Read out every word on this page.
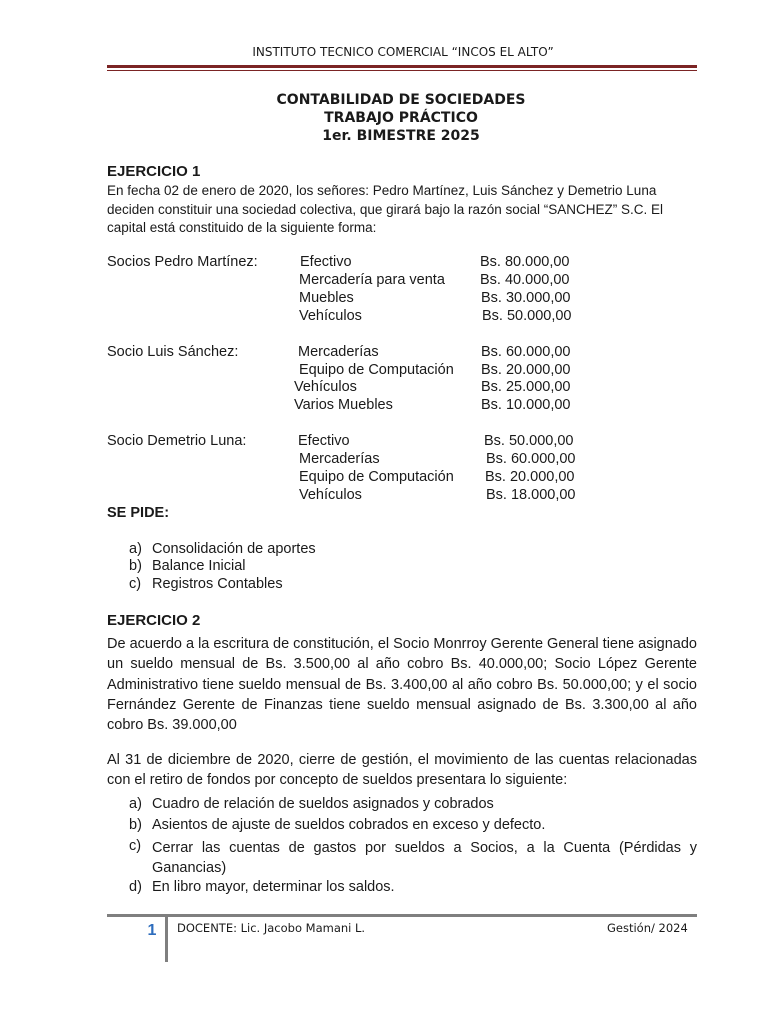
INSTITUTO TECNICO COMERCIAL “INCOS EL ALTO”
CONTABILIDAD DE SOCIEDADES
TRABAJO PRÁCTICO
1er. BIMESTRE 2025
EJERCICIO 1
En fecha 02 de enero de 2020, los señores: Pedro Martínez, Luis Sánchez y Demetrio Luna deciden constituir una sociedad colectiva, que girará bajo la razón social “SANCHEZ” S.C. El capital está constituido de la siguiente forma:
Socios Pedro Martínez:	Efectivo	Bs. 80.000,00
Mercadería para venta Bs. 40.000,00
Muebles	Bs. 30.000,00
Vehículos	Bs. 50.000,00
Socio Luis Sánchez:	Mercaderías	Bs. 60.000,00
Equipo de Computación Bs. 20.000,00
Vehículos	Bs. 25.000,00
Varios Muebles	Bs. 10.000,00
Socio Demetrio Luna:	Efectivo	Bs. 50.000,00
Mercaderías	Bs. 60.000,00
Equipo de Computación Bs. 20.000,00
Vehículos	Bs. 18.000,00
SE PIDE:
a) Consolidación de aportes
b) Balance Inicial
c) Registros Contables
EJERCICIO 2
De acuerdo a la escritura de constitución, el Socio Monrroy Gerente General tiene asignado un sueldo mensual de Bs. 3.500,00 al año cobro Bs. 40.000,00; Socio López Gerente Administrativo tiene sueldo mensual de Bs. 3.400,00 al año cobro Bs. 50.000,00; y el socio Fernández Gerente de Finanzas tiene sueldo mensual asignado de Bs. 3.300,00 al año cobro Bs. 39.000,00
Al 31 de diciembre de 2020, cierre de gestión, el movimiento de las cuentas relacionadas con el retiro de fondos por concepto de sueldos presentara lo siguiente:
a) Cuadro de relación de sueldos asignados y cobrados
b) Asientos de ajuste de sueldos cobrados en exceso y defecto.
c) Cerrar las cuentas de gastos por sueldos a Socios, a la Cuenta (Pérdidas y Ganancias)
d) En libro mayor, determinar los saldos.
1	DOCENTE: Lic. Jacobo Mamani L.	Gestión/ 2024
